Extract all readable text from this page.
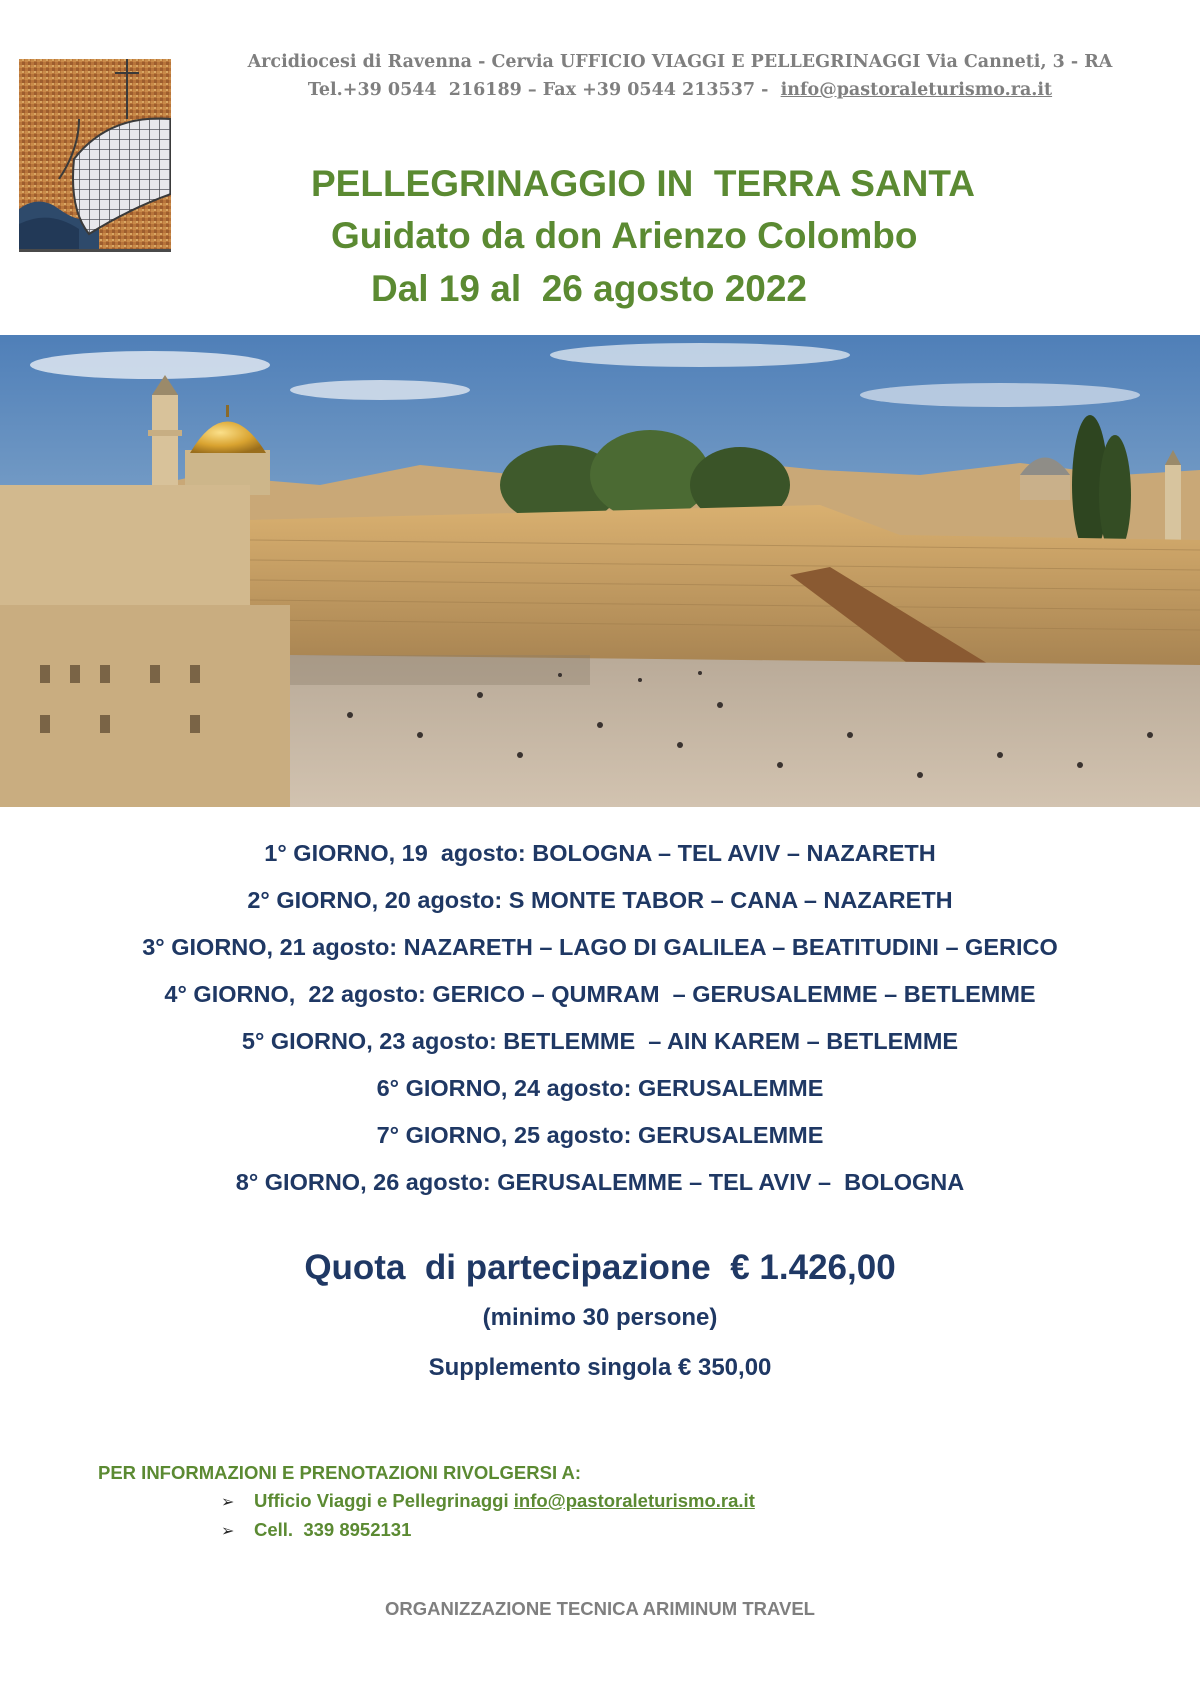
Arcidiocesi di Ravenna - Cervia UFFICIO VIAGGI E PELLEGRINAGGI Via Canneti, 3 - RA
Tel.+39 0544  216189 – Fax +39 0544 213537 -  info@pastoraleturismo.ra.it
PELLEGRINAGGIO IN  TERRA SANTA
Guidato da don Arienzo Colombo
Dal 19 al  26 agosto 2022
1° GIORNO, 19  agosto: BOLOGNA – TEL AVIV – NAZARETH
2° GIORNO, 20 agosto: S MONTE TABOR – CANA – NAZARETH
3° GIORNO, 21 agosto: NAZARETH – LAGO DI GALILEA – BEATITUDINI – GERICO
4° GIORNO,  22 agosto: GERICO – QUMRAM  – GERUSALEMME – BETLEMME
5° GIORNO, 23 agosto: BETLEMME  – AIN KAREM – BETLEMME
6° GIORNO, 24 agosto: GERUSALEMME
7° GIORNO, 25 agosto: GERUSALEMME
8° GIORNO, 26 agosto: GERUSALEMME – TEL AVIV –  BOLOGNA
Quota  di partecipazione  € 1.426,00
(minimo 30 persone)
Supplemento singola € 350,00
PER INFORMAZIONI E PRENOTAZIONI RIVOLGERSI A:
➢ Ufficio Viaggi e Pellegrinaggi info@pastoraleturismo.ra.it
➢ Cell.  339 8952131
ORGANIZZAZIONE TECNICA ARIMINUM TRAVEL
